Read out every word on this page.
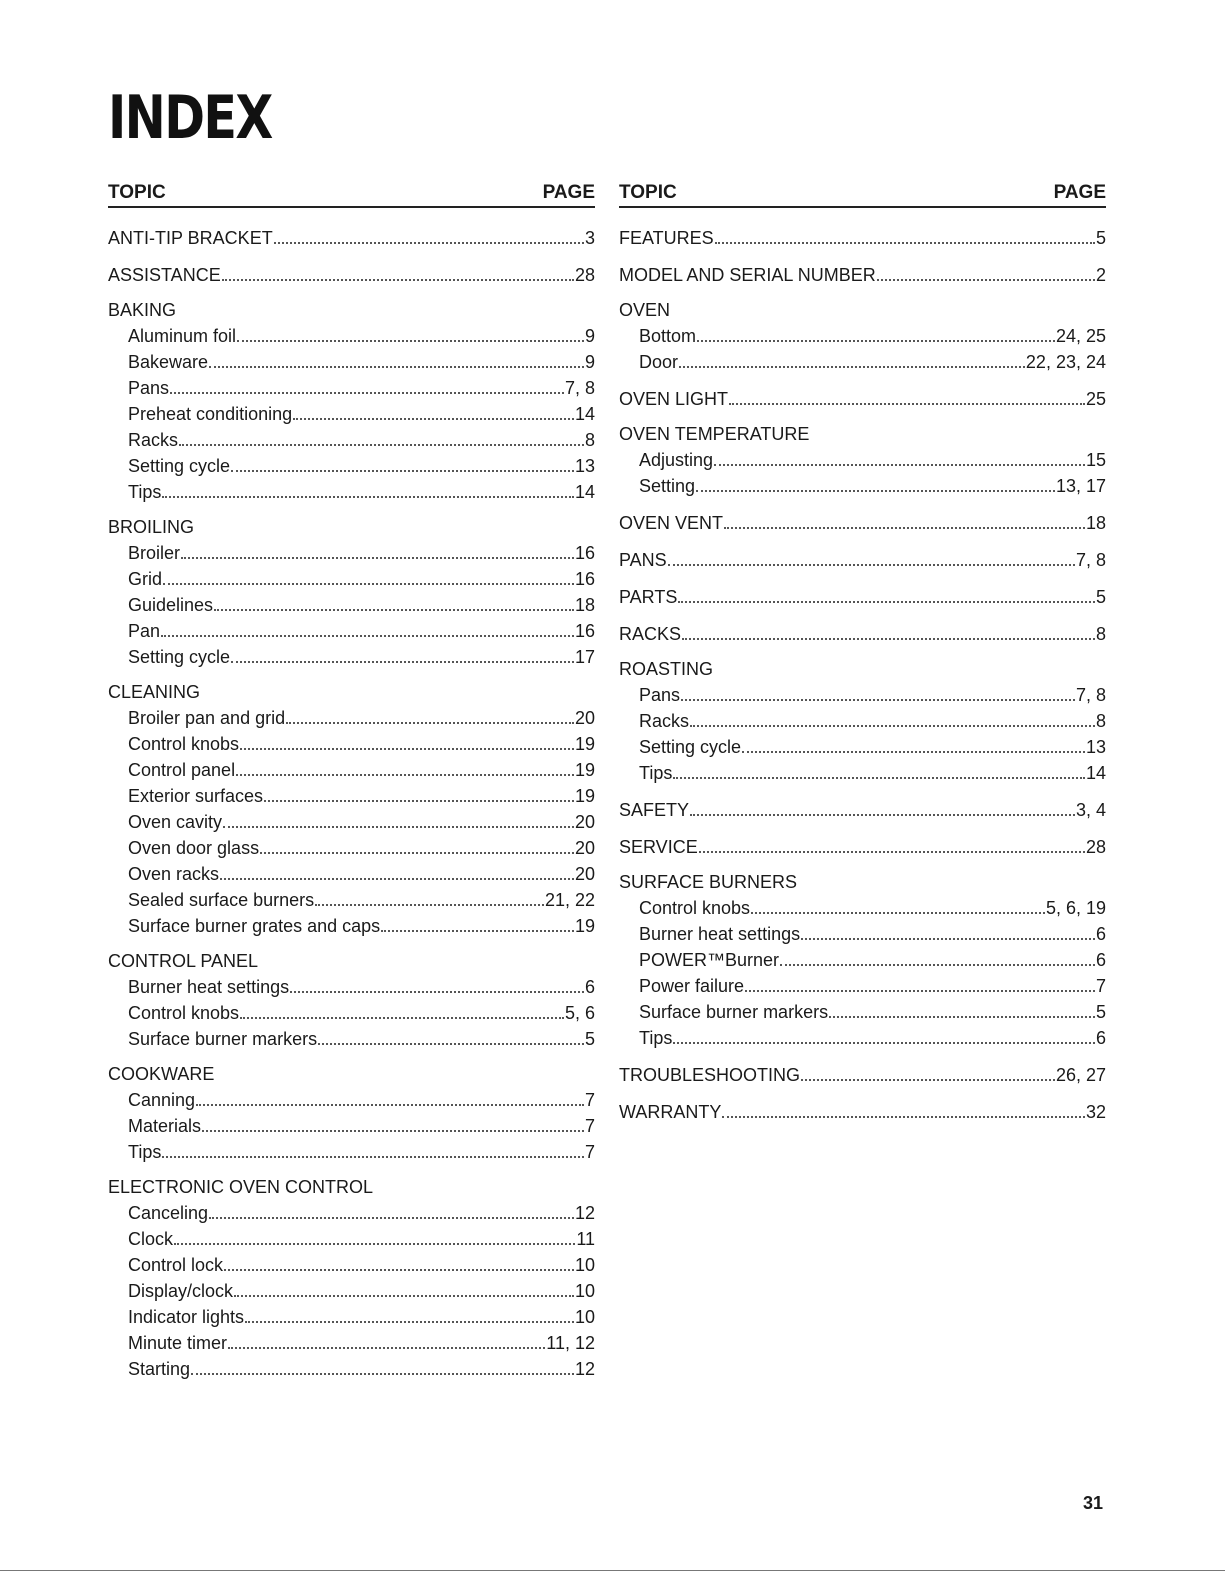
INDEX
TOPIC	PAGE
ANTI-TIP BRACKET	3
ASSISTANCE	28
BAKING
Aluminum foil	9
Bakeware	9
Pans	7, 8
Preheat conditioning	14
Racks	8
Setting cycle	13
Tips	14
BROILING
Broiler	16
Grid	16
Guidelines	18
Pan	16
Setting cycle	17
CLEANING
Broiler pan and grid	20
Control knobs	19
Control panel	19
Exterior surfaces	19
Oven cavity	20
Oven door glass	20
Oven racks	20
Sealed surface burners	21, 22
Surface burner grates and caps	19
CONTROL PANEL
Burner heat settings	6
Control knobs	5, 6
Surface burner markers	5
COOKWARE
Canning	7
Materials	7
Tips	7
ELECTRONIC OVEN CONTROL
Canceling	12
Clock	11
Control lock	10
Display/clock	10
Indicator lights	10
Minute timer	11, 12
Starting	12
TOPIC	PAGE
FEATURES	5
MODEL AND SERIAL NUMBER	2
OVEN
Bottom	24, 25
Door	22, 23, 24
OVEN LIGHT	25
OVEN TEMPERATURE
Adjusting	15
Setting	13, 17
OVEN VENT	18
PANS	7, 8
PARTS	5
RACKS	8
ROASTING
Pans	7, 8
Racks	8
Setting cycle	13
Tips	14
SAFETY	3, 4
SERVICE	28
SURFACE BURNERS
Control knobs	5, 6, 19
Burner heat settings	6
POWER™Burner	6
Power failure	7
Surface burner markers	5
Tips	6
TROUBLESHOOTING	26, 27
WARRANTY	32
31
